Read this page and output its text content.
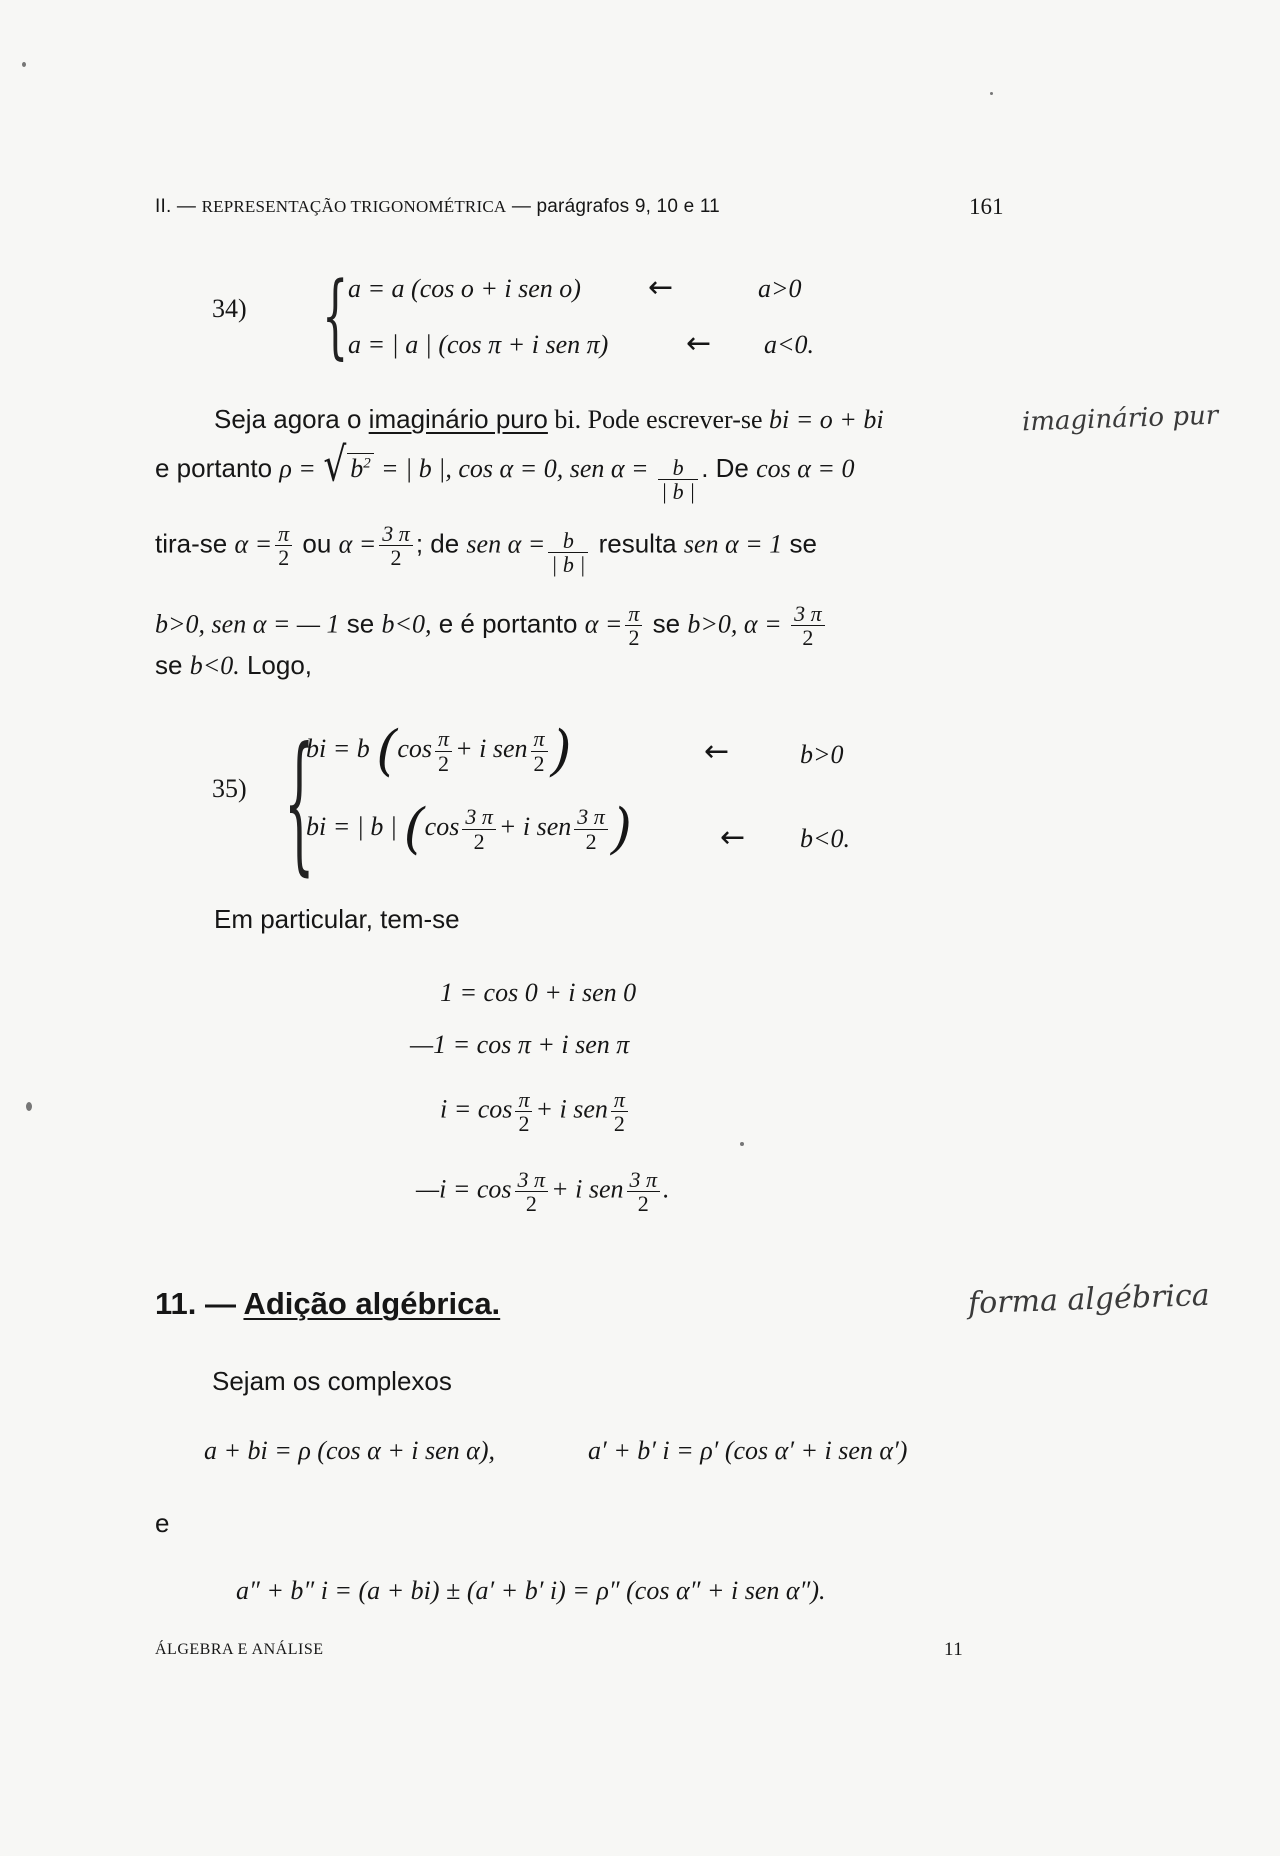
II. — REPRESENTAÇÃO TRIGONOMÉTRICA — parágrafos 9, 10 e 11	161
34) { a = a (cos o + i sen o) ←	a>0
a = | a | (cos π + i sen π)	← a<0.
Seja agora o imaginário puro bi. Pode escrever-se bi = o + bi	imaginário pur
e portanto ρ = √ $b^2$ = | b |, cos α = 0, sen $\alpha = \frac{b}{| b |}$ . De cos α = 0
tira-se $\alpha = \frac{\pi}{2}$ ou $\alpha = \frac{3 \pi}{2}$ ; de sen $\alpha = \frac{b}{| b |}$ resulta sen α = 1 se
b>0, sen α = — 1 se b<0, e é portanto $\alpha = \frac{\pi}{2}$ se b>0, $\alpha = \frac{3 \pi}{2}$
se b<0. Logo,
35) {
bi = b ($\cos \frac{\pi}{2} + i$ sen $\frac{\pi}{2}$ )	←	b>0
bi = | b | ($\cos \frac{3 \pi}{2} + i$ sen $\frac{3 \pi}{2}$ )	← b<0.
Em particular, tem-se
1 = cos 0 + i sen 0
—1 = cos π + i sen π
$i = \cos \frac{\pi}{2} + i$ sen $\frac{\pi}{2}$
—i = $\cos \frac{3 \pi}{2} + i$ sen $\frac{3 \pi}{2}$ .
11. — Adição algébrica.	forma algébrica
Sejam os complexos
a + bi = ρ (cos α + i sen α),	a′ + b′ i = ρ′ (cos α′ + i sen α′)
e
a″ + b″ i = (a + bi) ± (a′ + b′ i) = ρ″ (cos α″ + i sen α″).
ÁLGEBRA E ANÁLISE	11
